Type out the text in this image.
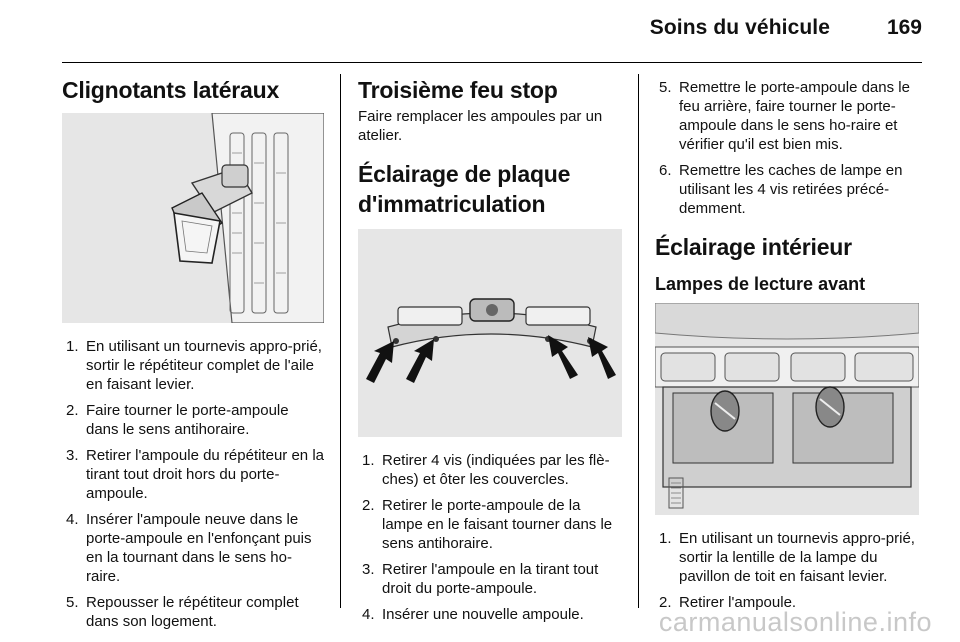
Soins du véhicule	169
Clignotants latéraux
1. En utilisant un tournevis appro-prié, sortir le répétiteur complet de l'aile en faisant levier.
2. Faire tourner le porte-ampoule dans le sens antihoraire.
3. Retirer l'ampoule du répétiteur en la tirant tout droit hors du porte-ampoule.
4. Insérer l'ampoule neuve dans le porte-ampoule en l'enfonçant puis en la tournant dans le sens ho-raire.
5. Repousser le répétiteur complet dans son logement.
Troisième feu stop

Faire remplacer les ampoules par un atelier.

Éclairage de plaque d'immatriculation
1. Retirer 4 vis (indiquées par les flè-ches) et ôter les couvercles.
2. Retirer le porte-ampoule de la lampe en le faisant tourner dans le sens antihoraire.
3. Retirer l'ampoule en la tirant tout droit du porte-ampoule.
4. Insérer une nouvelle ampoule.
5. Remettre le porte-ampoule dans le feu arrière, faire tourner le porte-ampoule dans le sens ho-raire et vérifier qu'il est bien mis.
6. Remettre les caches de lampe en utilisant les 4 vis retirées précé-demment.
Éclairage intérieur
Lampes de lecture avant
1. En utilisant un tournevis appro-prié, sortir la lentille de la lampe du pavillon de toit en faisant levier.
2. Retirer l'ampoule.
carmanualsonline.info
